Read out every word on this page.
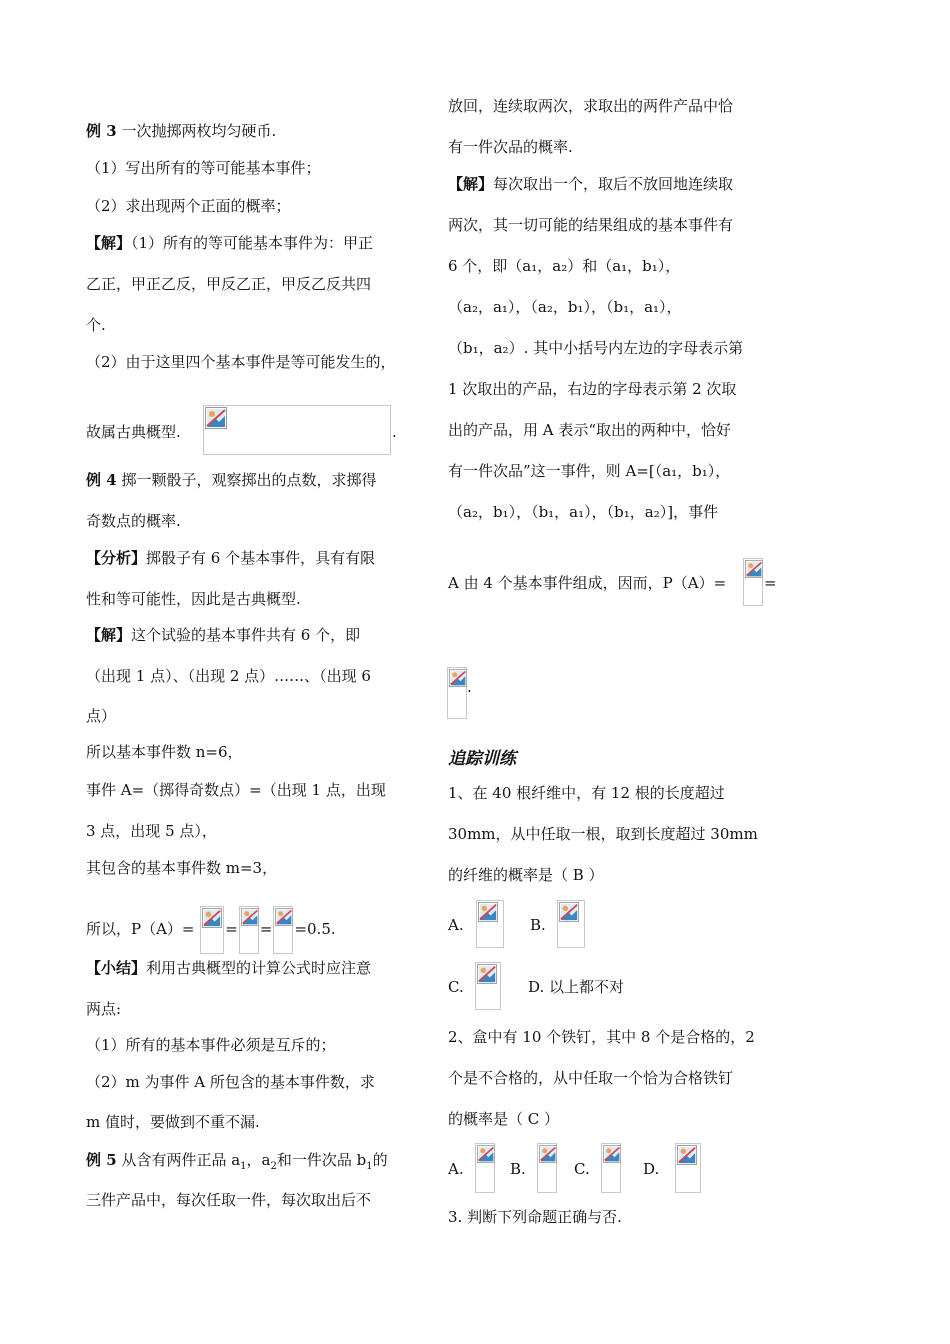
例 3 一次抛掷两枚均匀硬币.
（1）写出所有的等可能基本事件；
（2）求出现两个正面的概率；
【解】（1）所有的等可能基本事件为：甲正
乙正，甲正乙反，甲反乙正，甲反乙反共四
个.
（2）由于这里四个基本事件是等可能发生的，
故属古典概型.	.
例 4 掷一颗骰子，观察掷出的点数，求掷得
奇数点的概率.
【分析】掷骰子有 6 个基本事件，具有有限
性和等可能性，因此是古典概型.
【解】这个试验的基本事件共有 6 个，即
（出现 1 点）、（出现 2 点）……、（出现 6
点）
所以基本事件数 n=6，
事件 A=（掷得奇数点）=（出现 1 点，出现
3 点，出现 5 点），
其包含的基本事件数 m=3，
所以，P（A）= = = =0.5.
【小结】利用古典概型的计算公式时应注意
两点:
（1）所有的基本事件必须是互斥的；
（2）m 为事件 A 所包含的基本事件数，求
m 值时，要做到不重不漏.
例 5 从含有两件正品 $a_1$，$a_2$和一件次品 $b_1$的
三件产品中，每次任取一件，每次取出后不
放回，连续取两次，求取出的两件产品中恰
有一件次品的概率.
【解】每次取出一个，取后不放回地连续取
两次，其一切可能的结果组成的基本事件有
6 个，即（a₁，a₂）和（a₁，b₁），
（a₂，a₁），（a₂，b₁），（b₁，a₁），
（b₁，a₂）. 其中小括号内左边的字母表示第
1 次取出的产品，右边的字母表示第 2 次取
出的产品，用 A 表示“取出的两种中，恰好
有一件次品”这一事件，则 A=[（a₁，b₁），
（a₂，b₁），（b₁，a₁），（b₁，a₂）]，事件
A 由 4 个基本事件组成，因而，P（A）=	=
.
追踪训练
1、在 40 根纤维中，有 12 根的长度超过
30mm，从中任取一根，取到长度超过 30mm
的纤维的概率是（ B ）
A.	B.
C.	D. 以上都不对
2、盒中有 10 个铁钉，其中 8 个是合格的，2
个是不合格的，从中任取一个恰为合格铁钉
的概率是（ C ）
A.	B.	C.	D.
3. 判断下列命题正确与否.
